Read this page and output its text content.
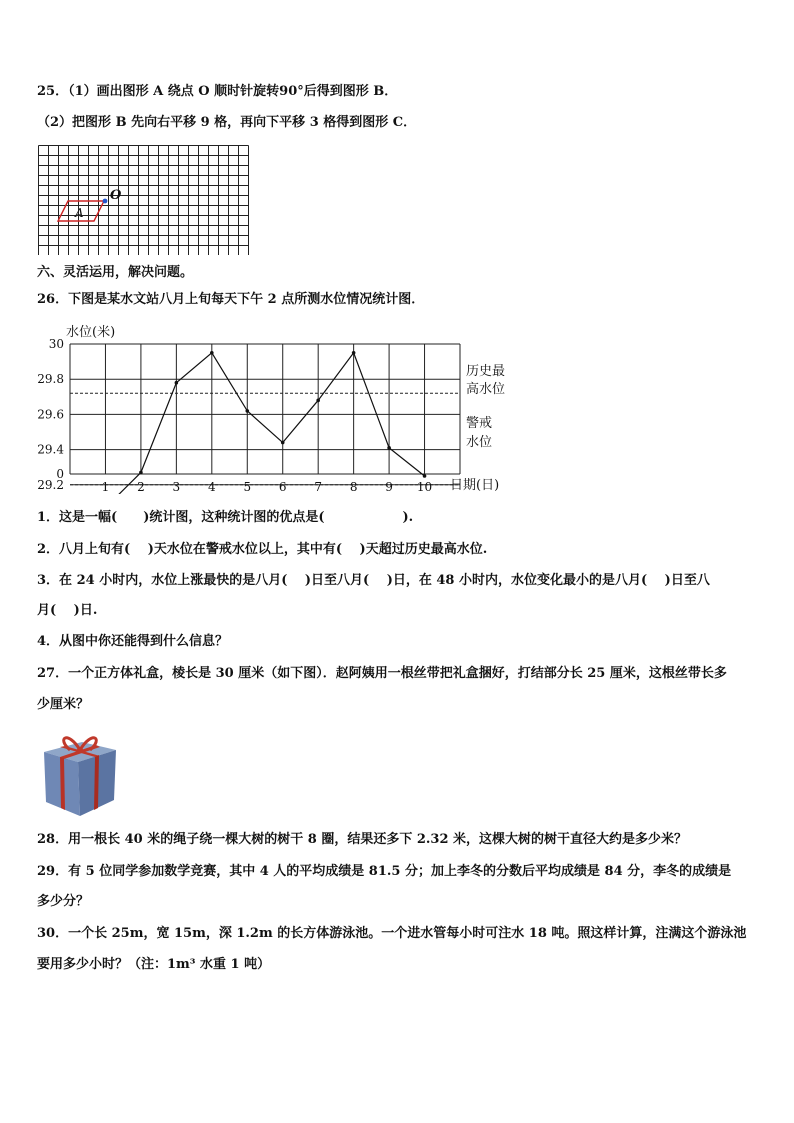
25．（1）画出图形 A 绕点 O 顺时针旋转90°后得到图形 B．
（2）把图形 B 先向右平移 9 格，再向下平移 3 格得到图形 C．
A
O
六、灵活运用，解决问题。
26．下图是某水文站八月上旬每天下午 2 点所测水位情况统计图．
30
29.8
29.6
29.4
29.2
0
1 2 3 4 5 6 7 8 9 10
水位(米)
日期(日)
历史最
高水位
警戒
水位
1．这是一幅(　　)统计图，这种统计图的优点是(　　　　　　).
2．八月上旬有(　 )天水位在警戒水位以上，其中有(　 )天超过历史最高水位.
3．在 24 小时内，水位上涨最快的是八月(　 )日至八月(　 )日，在 48 小时内，水位变化最小的是八月(　 )日至八
月(　 )日.
4．从图中你还能得到什么信息？
27．一个正方体礼盒，棱长是 30 厘米（如下图）．赵阿姨用一根丝带把礼盒捆好，打结部分长 25 厘米，这根丝带长多
少厘米？
28．用一根长 40 米的绳子绕一棵大树的树干 8 圈，结果还多下 2.32 米，这棵大树的树干直径大约是多少米？
29．有 5 位同学参加数学竞赛，其中 4 人的平均成绩是 81.5 分；加上李冬的分数后平均成绩是 84 分，李冬的成绩是
多少分？
30．一个长 25m，宽 15m，深 1.2m 的长方体游泳池。一个进水管每小时可注水 18 吨。照这样计算，注满这个游泳池
要用多少小时？（注：1m³ 水重 1 吨）
